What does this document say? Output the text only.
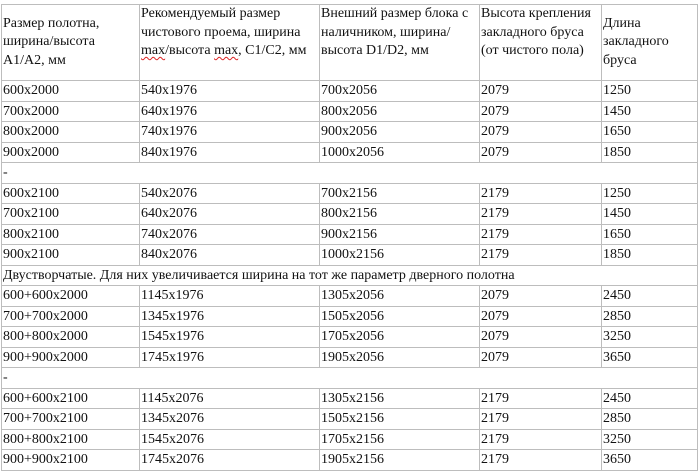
Размер полотна, ширина/высота A1/A2, мм	Рекомендуемый размер чистового проема, ширина max/высота max, C1/C2, мм	Внешний размер блока с наличником, ширина/высота D1/D2, мм	Высота крепления закладного бруса (от чистого пола)	Длина закладного бруса
600x2000	540x1976	700x2056	2079	1250
700x2000	640x1976	800x2056	2079	1450
800x2000	740x1976	900x2056	2079	1650
900x2000	840x1976	1000x2056	2079	1850
-				
600x2100	540x2076	700x2156	2179	1250
700x2100	640x2076	800x2156	2179	1450
800x2100	740x2076	900x2156	2179	1650
900x2100	840x2076	1000x2156	2179	1850
Двустворчатые. Для них увеличивается ширина на тот же параметр дверного полотна				
600+600x2000	1145x1976	1305x2056	2079	2450
700+700x2000	1345x1976	1505x2056	2079	2850
800+800x2000	1545x1976	1705x2056	2079	3250
900+900x2000	1745x1976	1905x2056	2079	3650
-				
600+600x2100	1145x2076	1305x2156	2179	2450
700+700x2100	1345x2076	1505x2156	2179	2850
800+800x2100	1545x2076	1705x2156	2179	3250
900+900x2100	1745x2076	1905x2156	2179	3650
